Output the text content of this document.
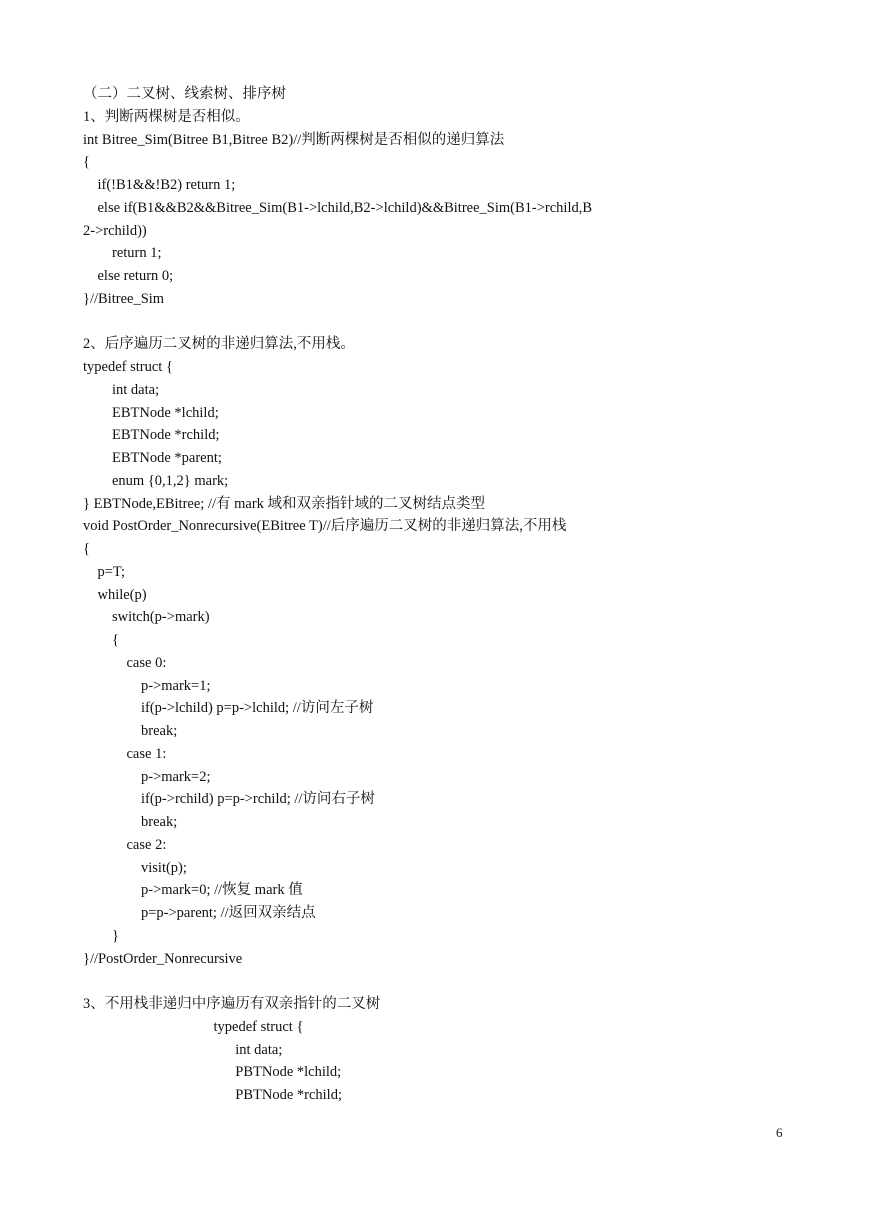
（二）二叉树、线索树、排序树
1、判断两棵树是否相似。
int Bitree_Sim(Bitree B1,Bitree B2)//判断两棵树是否相似的递归算法
{
if(!B1&&!B2) return 1;
else if(B1&&B2&&Bitree_Sim(B1->lchild,B2->lchild)&&Bitree_Sim(B1->rchild,B
2->rchild))
return 1;
else return 0;
}//Bitree_Sim
2、后序遍历二叉树的非递归算法,不用栈。
typedef struct {
int data;
EBTNode *lchild;
EBTNode *rchild;
EBTNode *parent;
enum {0,1,2} mark;
} EBTNode,EBitree; //有 mark 域和双亲指针域的二叉树结点类型
void PostOrder_Nonrecursive(EBitree T)//后序遍历二叉树的非递归算法,不用栈
{
p=T;
while(p)
switch(p->mark)
{
case 0:
p->mark=1;
if(p->lchild) p=p->lchild; //访问左子树
break;
case 1:
p->mark=2;
if(p->rchild) p=p->rchild; //访问右子树
break;
case 2:
visit(p);
p->mark=0; //恢复 mark 值
p=p->parent; //返回双亲结点
}
}//PostOrder_Nonrecursive
3、不用栈非递归中序遍历有双亲指针的二叉树
typedef struct {
int data;
PBTNode *lchild;
PBTNode *rchild;
6
